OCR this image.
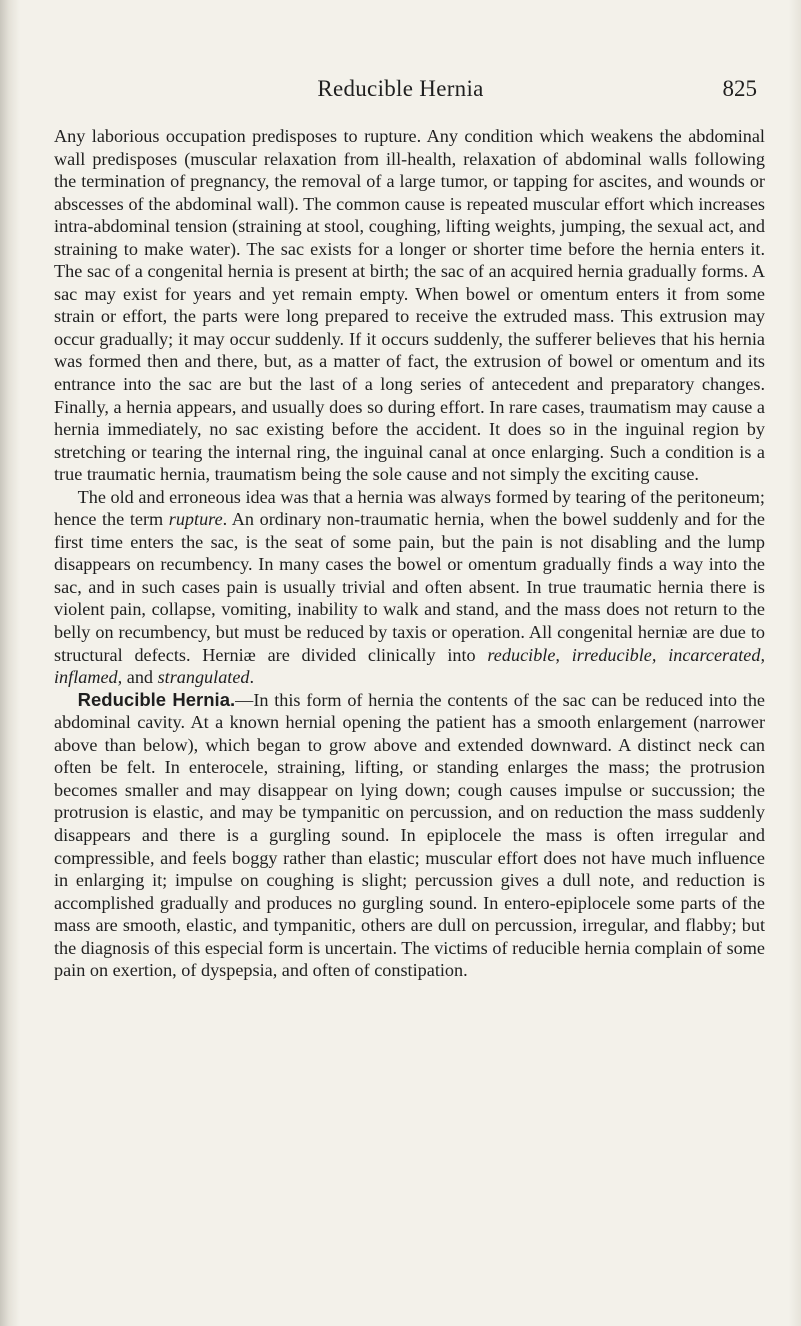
Reducible Hernia	825

Any laborious occupation predisposes to rupture. Any condition which weakens the abdominal wall predisposes (muscular relaxation from ill-health, relaxation of abdominal walls following the termination of pregnancy, the removal of a large tumor, or tapping for ascites, and wounds or abscesses of the abdominal wall). The common cause is repeated muscular effort which increases intra-abdominal tension (straining at stool, coughing, lifting weights, jumping, the sexual act, and straining to make water). The sac exists for a longer or shorter time before the hernia enters it. The sac of a congenital hernia is present at birth; the sac of an acquired hernia gradually forms. A sac may exist for years and yet remain empty. When bowel or omentum enters it from some strain or effort, the parts were long prepared to receive the extruded mass. This extrusion may occur gradually; it may occur suddenly. If it occurs suddenly, the sufferer believes that his hernia was formed then and there, but, as a matter of fact, the extrusion of bowel or omentum and its entrance into the sac are but the last of a long series of antecedent and preparatory changes. Finally, a hernia appears, and usually does so during effort. In rare cases, traumatism may cause a hernia immediately, no sac existing before the accident. It does so in the inguinal region by stretching or tearing the internal ring, the inguinal canal at once enlarging. Such a condition is a true traumatic hernia, traumatism being the sole cause and not simply the exciting cause.

The old and erroneous idea was that a hernia was always formed by tearing of the peritoneum; hence the term rupture. An ordinary non-traumatic hernia, when the bowel suddenly and for the first time enters the sac, is the seat of some pain, but the pain is not disabling and the lump disappears on recumbency. In many cases the bowel or omentum gradually finds a way into the sac, and in such cases pain is usually trivial and often absent. In true traumatic hernia there is violent pain, collapse, vomiting, inability to walk and stand, and the mass does not return to the belly on recumbency, but must be reduced by taxis or operation. All congenital herniæ are due to structural defects. Herniæ are divided clinically into reducible, irreducible, incarcerated, inflamed, and strangulated.

Reducible Hernia.—In this form of hernia the contents of the sac can be reduced into the abdominal cavity. At a known hernial opening the patient has a smooth enlargement (narrower above than below), which began to grow above and extended downward. A distinct neck can often be felt. In enterocele, straining, lifting, or standing enlarges the mass; the protrusion becomes smaller and may disappear on lying down; cough causes impulse or succussion; the protrusion is elastic, and may be tympanitic on percussion, and on reduction the mass suddenly disappears and there is a gurgling sound. In epiplocele the mass is often irregular and compressible, and feels boggy rather than elastic; muscular effort does not have much influence in enlarging it; impulse on coughing is slight; percussion gives a dull note, and reduction is accomplished gradually and produces no gurgling sound. In entero-epiplocele some parts of the mass are smooth, elastic, and tympanitic, others are dull on percussion, irregular, and flabby; but the diagnosis of this especial form is uncertain. The victims of reducible hernia complain of some pain on exertion, of dyspepsia, and often of constipation.
